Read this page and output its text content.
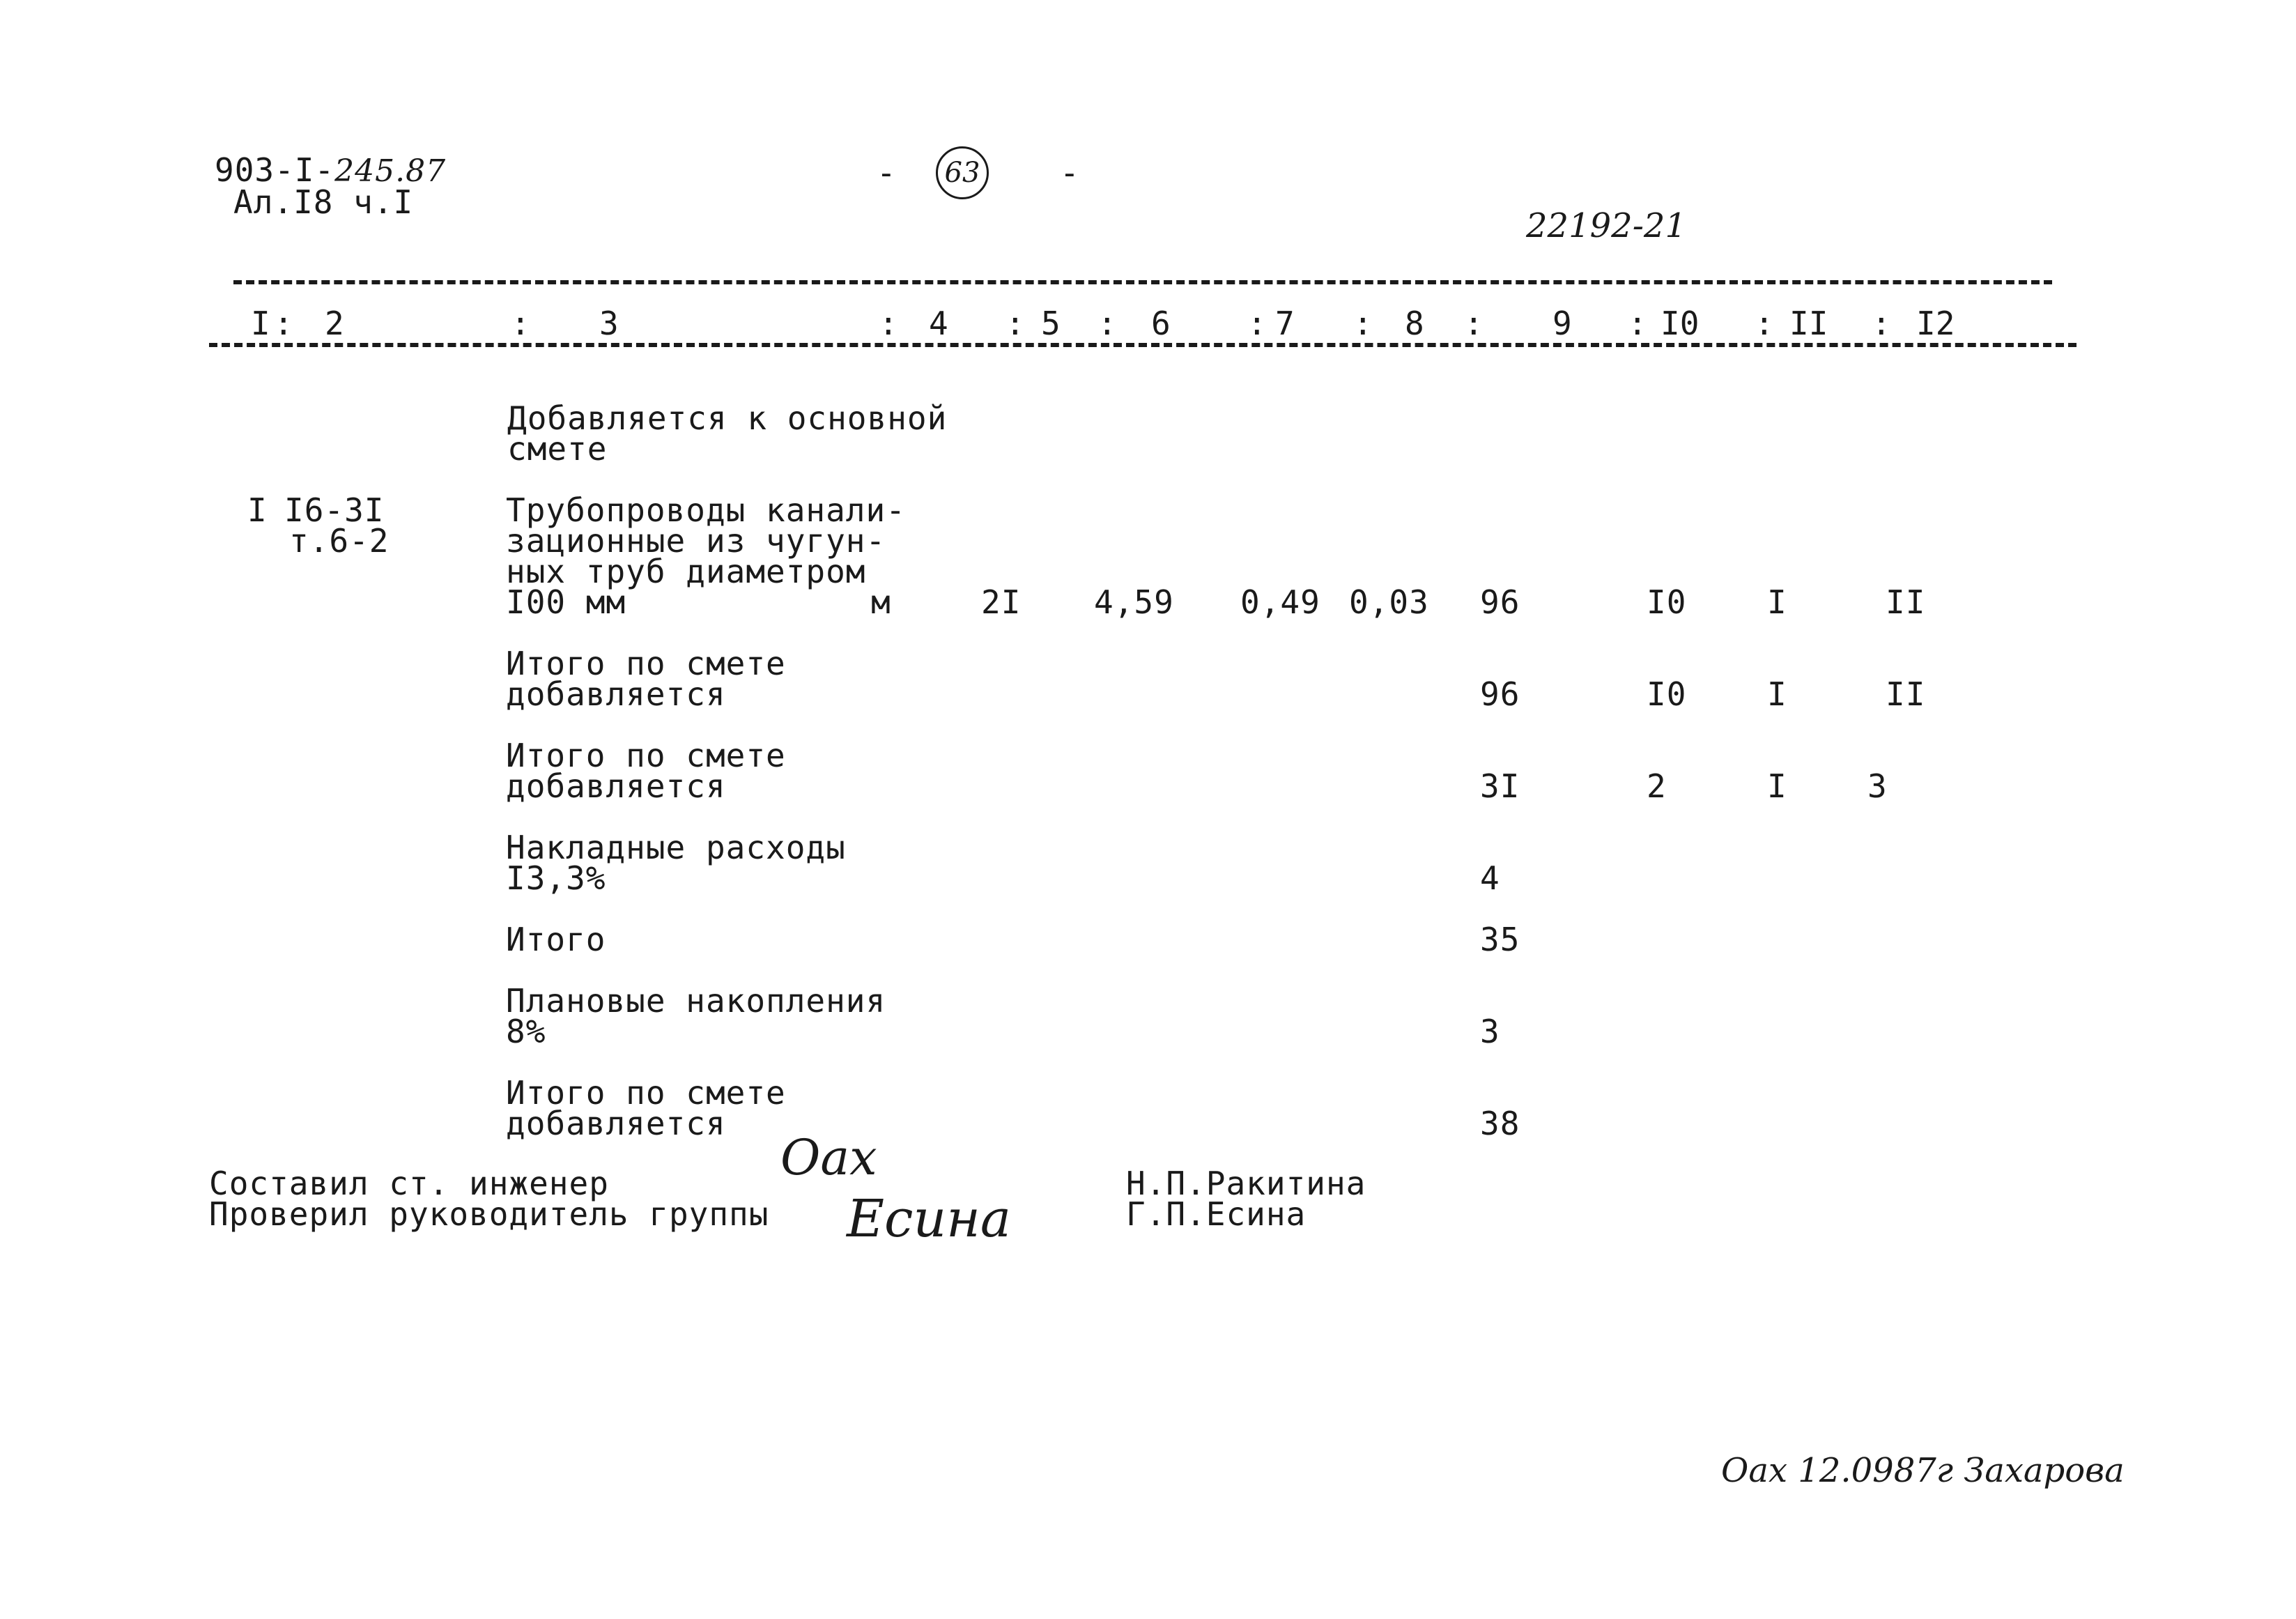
903-I-245.87
Ал.I8 ч.I
- 63 -
22192-21
I : 2	: 3	: 4 : 5 : 6 : 7 : 8 : 9 : I0 : II : I2
Добавляется к основной
смете
I I6-3I
т.6-2
Трубопроводы канали-
зационные из чугун-
ных труб диаметром
I00 мм	м	2I 4,59 0,49 0,03 96	I0	I	II
Итого по смете
добавляется	96	I0	I	II
Итого по смете
добавляется	3I	2	I	3
Накладные расходы
I3,3%	4
Итого	35
Плановые накопления
8%	3
Итого по смете
добавляется	38
Составил ст. инженер
Проверил руководитель группы
Оах
Есина
Н.П.Ракитина
Г.П.Есина
Оах 12.0987г Захарова
